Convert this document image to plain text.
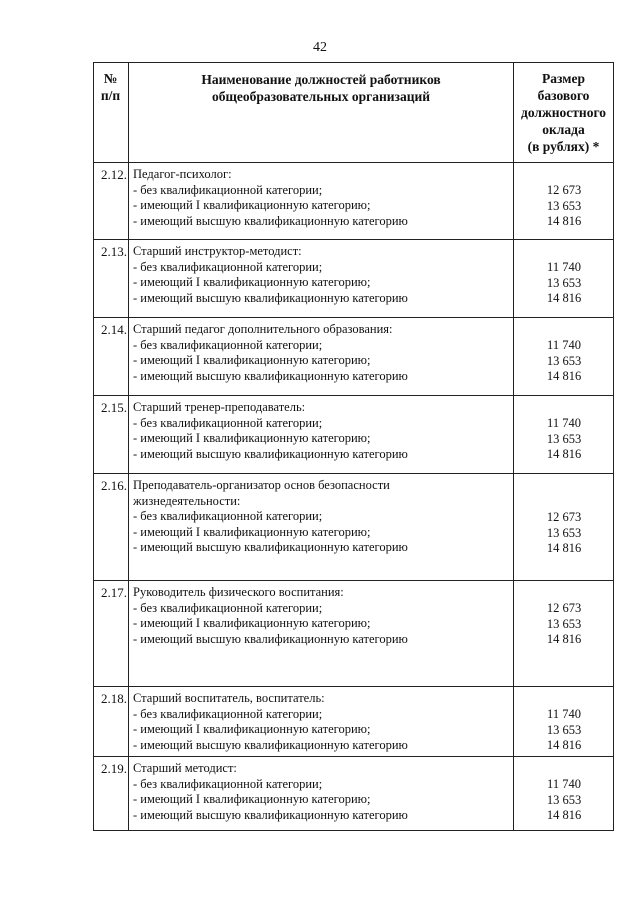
42
№
п/п
Наименование должностей работников
общеобразовательных организаций
Размер
базового
должностного
оклада
(в рублях) *
2.12. Педагог-психолог:
- без квалификационной категории;
- имеющий I квалификационную категорию;
- имеющий высшую квалификационную категорию
12 673
13 653
14 816
2.13. Старший инструктор-методист:
- без квалификационной категории;
- имеющий I квалификационную категорию;
- имеющий высшую квалификационную категорию
11 740
13 653
14 816
2.14. Старший педагог дополнительного образования:
- без квалификационной категории;
- имеющий I квалификационную категорию;
- имеющий высшую квалификационную категорию
11 740
13 653
14 816
2.15. Старший тренер-преподаватель:
- без квалификационной категории;
- имеющий I квалификационную категорию;
- имеющий высшую квалификационную категорию
11 740
13 653
14 816
2.16. Преподаватель-организатор основ безопасности
жизнедеятельности:
- без квалификационной категории;
- имеющий I квалификационную категорию;
- имеющий высшую квалификационную категорию
12 673
13 653
14 816
2.17. Руководитель физического воспитания:
- без квалификационной категории;
- имеющий I квалификационную категорию;
- имеющий высшую квалификационную категорию
12 673
13 653
14 816
2.18. Старший воспитатель, воспитатель:
- без квалификационной категории;
- имеющий I квалификационную категорию;
- имеющий высшую квалификационную категорию
11 740
13 653
14 816
2.19. Старший методист:
- без квалификационной категории;
- имеющий I квалификационную категорию;
- имеющий высшую квалификационную категорию
11 740
13 653
14 816
